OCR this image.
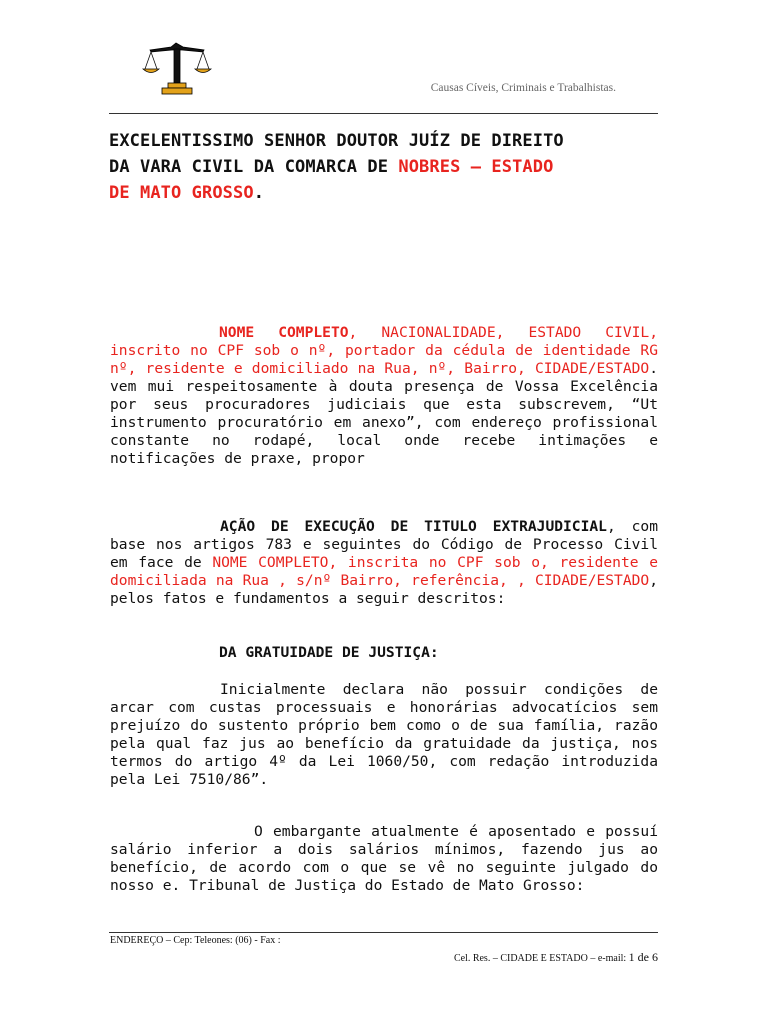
Causas Cíveis, Criminais e Trabalhistas.
EXCELENTISSIMO SENHOR DOUTOR JUÍZ DE DIREITO
DA VARA CIVIL DA COMARCA DE NOBRES – ESTADO
DE MATO GROSSO.

NOME COMPLETO, NACIONALIDADE, ESTADO CIVIL, inscrito no CPF sob o nº, portador da cédula de identidade RG nº, residente e domiciliado na Rua, nº, Bairro, CIDADE/ESTADO. vem mui respeitosamente à douta presença de Vossa Excelência por seus procuradores judiciais que esta subscrevem, “Ut instrumento procuratório em anexo”, com endereço profissional constante no rodapé, local onde recebe intimações e notificações de praxe, propor

AÇÃO DE EXECUÇÃO DE TITULO EXTRAJUDICIAL, com base nos artigos 783 e seguintes do Código de Processo Civil em face de NOME COMPLETO, inscrita no CPF sob o, residente e domiciliada na Rua , s/nº Bairro, referência, , CIDADE/ESTADO, pelos fatos e fundamentos a seguir descritos:

DA GRATUIDADE DE JUSTIÇA:

Inicialmente declara não possuir condições de arcar com custas processuais e honorárias advocatícios sem prejuízo do sustento próprio bem como o de sua família, razão pela qual faz jus ao benefício da gratuidade da justiça, nos termos do artigo 4º da Lei 1060/50, com redação introduzida pela Lei 7510/86”.

O embargante atualmente é aposentado e possuí salário inferior a dois salários mínimos, fazendo jus ao benefício, de acordo com o que se vê no seguinte julgado do nosso e. Tribunal de Justiça do Estado de Mato Grosso:

ENDEREÇO – Cep: Teleones: (06) - Fax :
Cel. Res. – CIDADE E ESTADO – e-mail: 1 de 6
